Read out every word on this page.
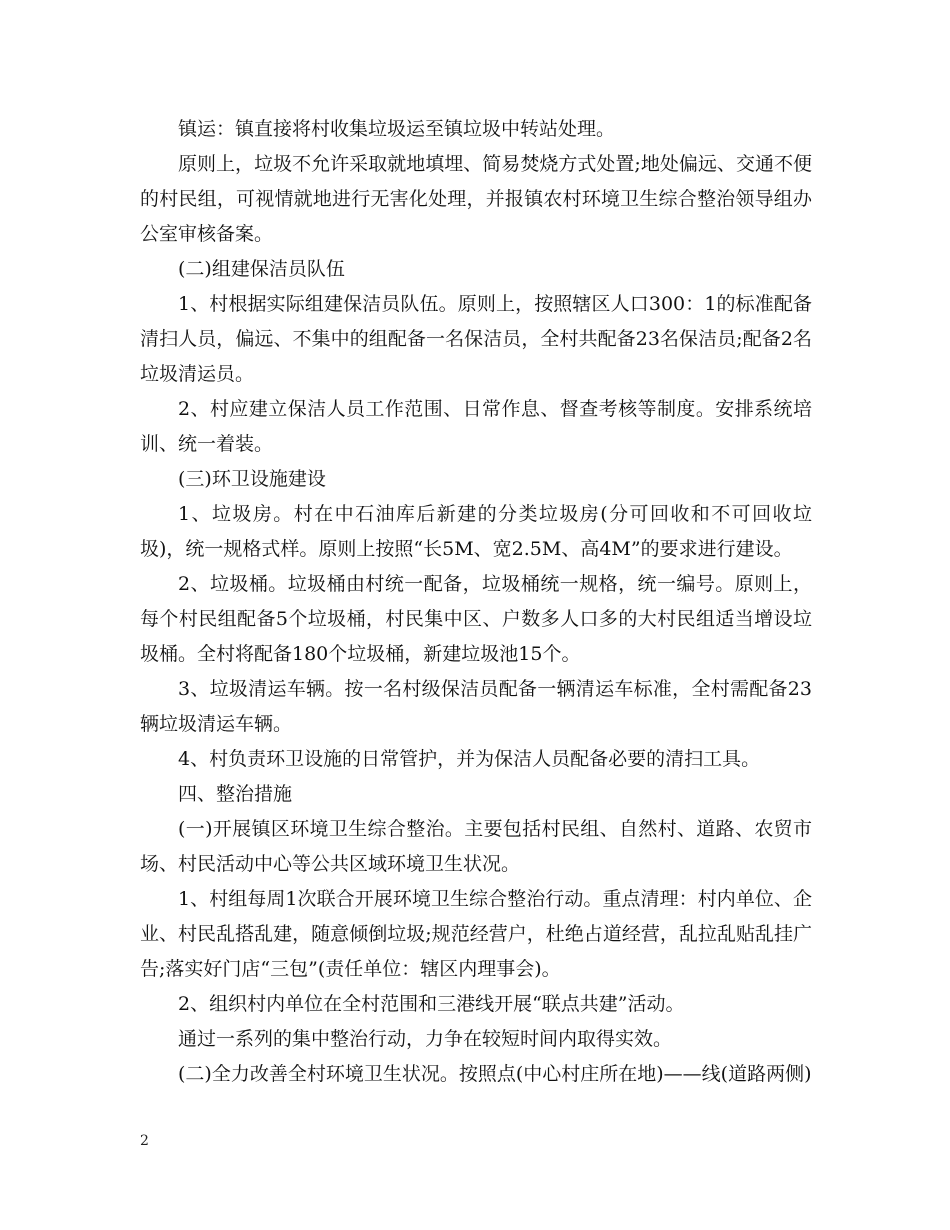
镇运：镇直接将村收集垃圾运至镇垃圾中转站处理。

原则上，垃圾不允许采取就地填埋、简易焚烧方式处置;地处偏远、交通不便的村民组，可视情就地进行无害化处理，并报镇农村环境卫生综合整治领导组办公室审核备案。

(二)组建保洁员队伍

1、村根据实际组建保洁员队伍。原则上，按照辖区人口300：1的标准配备清扫人员，偏远、不集中的组配备一名保洁员，全村共配备23名保洁员;配备2名垃圾清运员。

2、村应建立保洁人员工作范围、日常作息、督查考核等制度。安排系统培训、统一着装。

(三)环卫设施建设

1、垃圾房。村在中石油库后新建的分类垃圾房(分可回收和不可回收垃圾)，统一规格式样。原则上按照“长5M、宽2.5M、高4M”的要求进行建设。

2、垃圾桶。垃圾桶由村统一配备，垃圾桶统一规格，统一编号。原则上，每个村民组配备5个垃圾桶，村民集中区、户数多人口多的大村民组适当增设垃圾桶。全村将配备180个垃圾桶，新建垃圾池15个。

3、垃圾清运车辆。按一名村级保洁员配备一辆清运车标准，全村需配备23辆垃圾清运车辆。

4、村负责环卫设施的日常管护，并为保洁人员配备必要的清扫工具。

四、整治措施

(一)开展镇区环境卫生综合整治。主要包括村民组、自然村、道路、农贸市场、村民活动中心等公共区域环境卫生状况。

1、村组每周1次联合开展环境卫生综合整治行动。重点清理：村内单位、企业、村民乱搭乱建，随意倾倒垃圾;规范经营户，杜绝占道经营，乱拉乱贴乱挂广告;落实好门店“三包”(责任单位：辖区内理事会)。

2、组织村内单位在全村范围和三港线开展“联点共建”活动。

通过一系列的集中整治行动，力争在较短时间内取得实效。

(二)全力改善全村环境卫生状况。按照点(中心村庄所在地)——线(道路两侧)

2
